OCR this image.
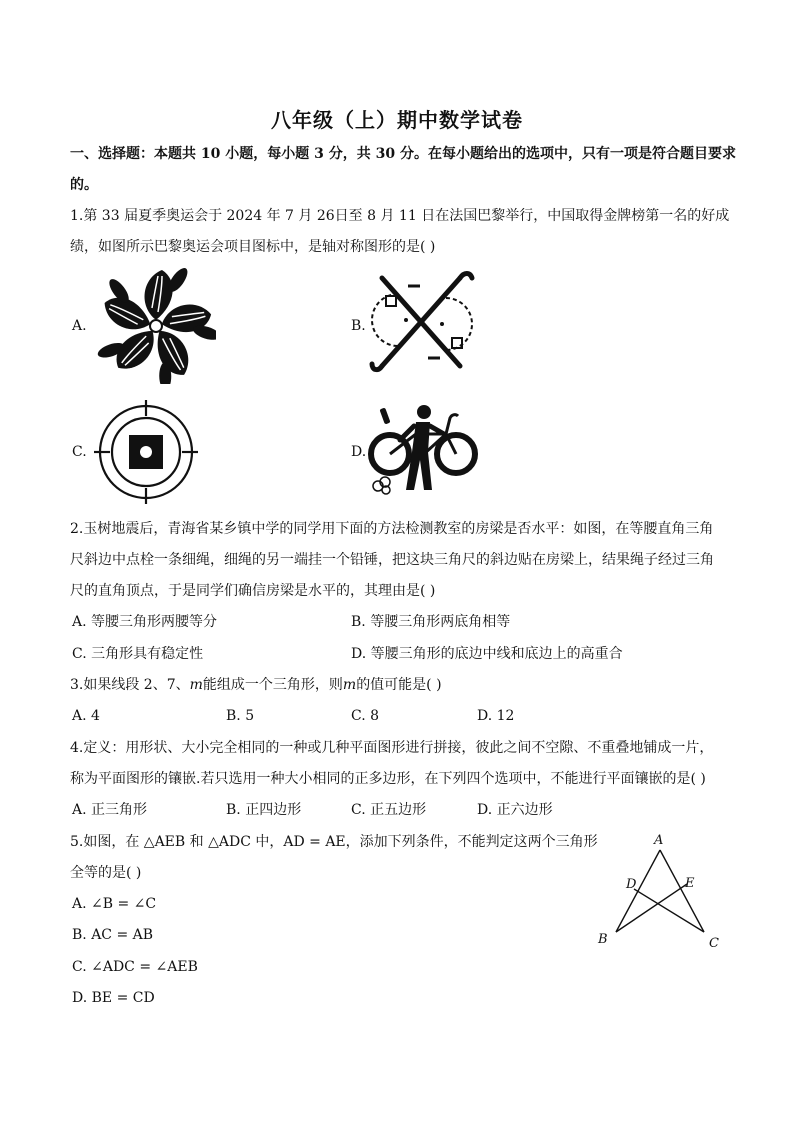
八年级（上）期中数学试卷
一、选择题：本题共 10 小题，每小题 3 分，共 30 分。在每小题给出的选项中，只有一项是符合题目要求
的。
1.第 33 届夏季奥运会于 2024 年 7 月 26日至 8 月 11 日在法国巴黎举行，中国取得金牌榜第一名的好成
绩，如图所示巴黎奥运会项目图标中，是轴对称图形的是( )
A.	B.
C.	D.
2.玉树地震后，青海省某乡镇中学的同学用下面的方法检测教室的房梁是否水平：如图，在等腰直角三角
尺斜边中点栓一条细绳，细绳的另一端挂一个铅锤，把这块三角尺的斜边贴在房梁上，结果绳子经过三角
尺的直角顶点，于是同学们确信房梁是水平的，其理由是( )
A. 等腰三角形两腰等分	B. 等腰三角形两底角相等
C. 三角形具有稳定性	D. 等腰三角形的底边中线和底边上的高重合
3.如果线段 2、7、m能组成一个三角形，则m的值可能是( )
A. 4	B. 5	C. 8	D. 12
4.定义：用形状、大小完全相同的一种或几种平面图形进行拼接，彼此之间不空隙、不重叠地铺成一片，
称为平面图形的镶嵌.若只选用一种大小相同的正多边形，在下列四个选项中，不能进行平面镶嵌的是( )
A. 正三角形	B. 正四边形	C. 正五边形	D. 正六边形
5.如图，在 △AEB 和 △ADC 中，AD = AE，添加下列条件，不能判定这两个三角形
全等的是( )
A. ∠B = ∠C
B. AC = AB
C. ∠ADC = ∠AEB
D. BE = CD
A
D	E
B	C
